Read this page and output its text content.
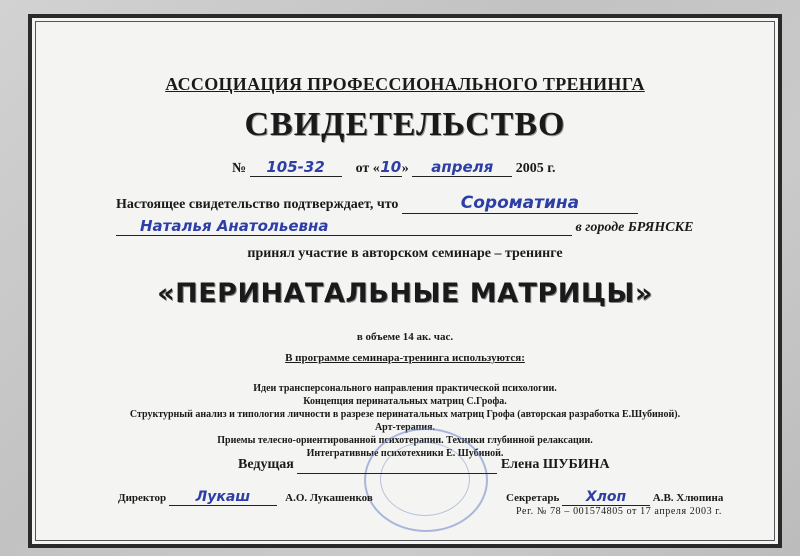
АССОЦИАЦИЯ ПРОФЕССИОНАЛЬНОГО ТРЕНИНГА
СВИДЕТЕЛЬСТВО
№ 105-32 от «10» апреля 2005 г.
Настоящее свидетельство подтверждает, что	Сороматина
Наталья Анатольевна	в городе БРЯНСКЕ
принял участие в авторском семинаре – тренинге
«ПЕРИНАТАЛЬНЫЕ МАТРИЦЫ»
в объеме 14 ак. час.
В программе семинара-тренинга используются:
Идеи трансперсонального направления практической психологии.
Концепция перинатальных матриц С.Грофа.
Структурный анализ и типология личности в разрезе перинатальных матриц Грофа (авторская разработка Е.Шубиной).
Арт-терапия.
Приемы телесно-ориентированной психотерапии. Техники глубинной релаксации.
Интегративные психотехники Е. Шубиной.
Ведущая	Елена ШУБИНА
Директор Лукаш	А.О. Лукашенков	Секретарь Хлоп А.В. Хлюпина
Рег. № 78 – 001574805 от 17 апреля 2003 г.
